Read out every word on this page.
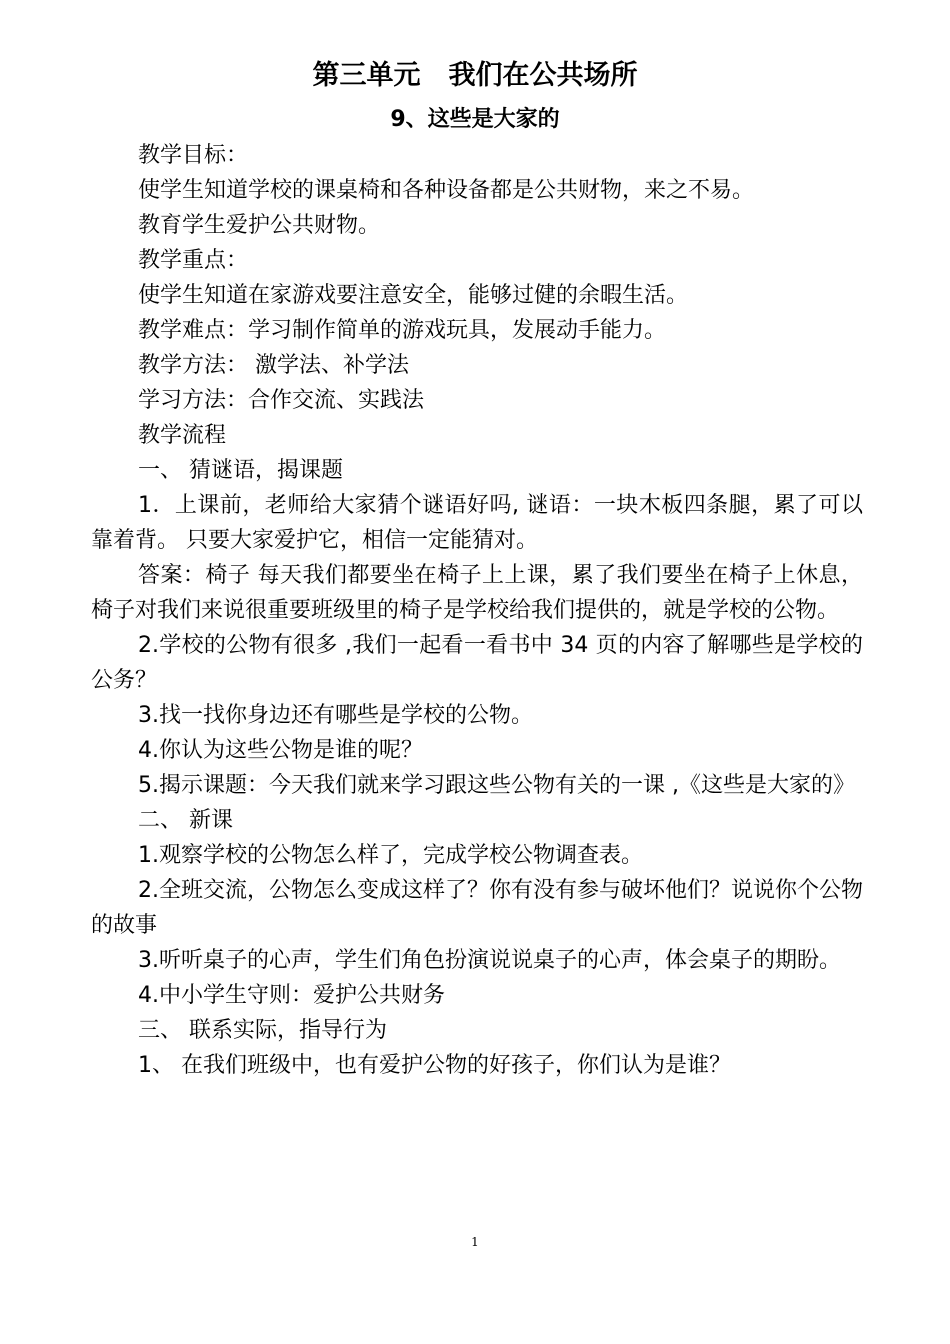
第三单元 我们在公共场所
9、这些是大家的

教学目标：

使学生知道学校的课桌椅和各种设备都是公共财物，来之不易。

教育学生爱护公共财物。

教学重点：

使学生知道在家游戏要注意安全，能够过健的余暇生活。

教学难点：学习制作简单的游戏玩具，发展动手能力。

教学方法： 激学法、补学法

学习方法：合作交流、实践法

教学流程

一、 猜谜语，揭课题

1．上课前，老师给大家猜个谜语好吗, 谜语：一块木板四条腿，累了可以靠着背。 只要大家爱护它，相信一定能猜对。

答案：椅子 每天我们都要坐在椅子上上课，累了我们要坐在椅子上休息，椅子对我们来说很重要班级里的椅子是学校给我们提供的，就是学校的公物。

2.学校的公物有很多 ,我们一起看一看书中 34 页的内容了解哪些是学校的公务？

3.找一找你身边还有哪些是学校的公物。

4.你认为这些公物是谁的呢？

5.揭示课题：今天我们就来学习跟这些公物有关的一课 ,《这些是大家的》

二、 新课

1.观察学校的公物怎么样了，完成学校公物调查表。

2.全班交流，公物怎么变成这样了？你有没有参与破坏他们？说说你个公物的故事

3.听听桌子的心声，学生们角色扮演说说桌子的心声，体会桌子的期盼。

4.中小学生守则：爱护公共财务

三、 联系实际，指导行为

1、 在我们班级中，也有爱护公物的好孩子，你们认为是谁？

1
